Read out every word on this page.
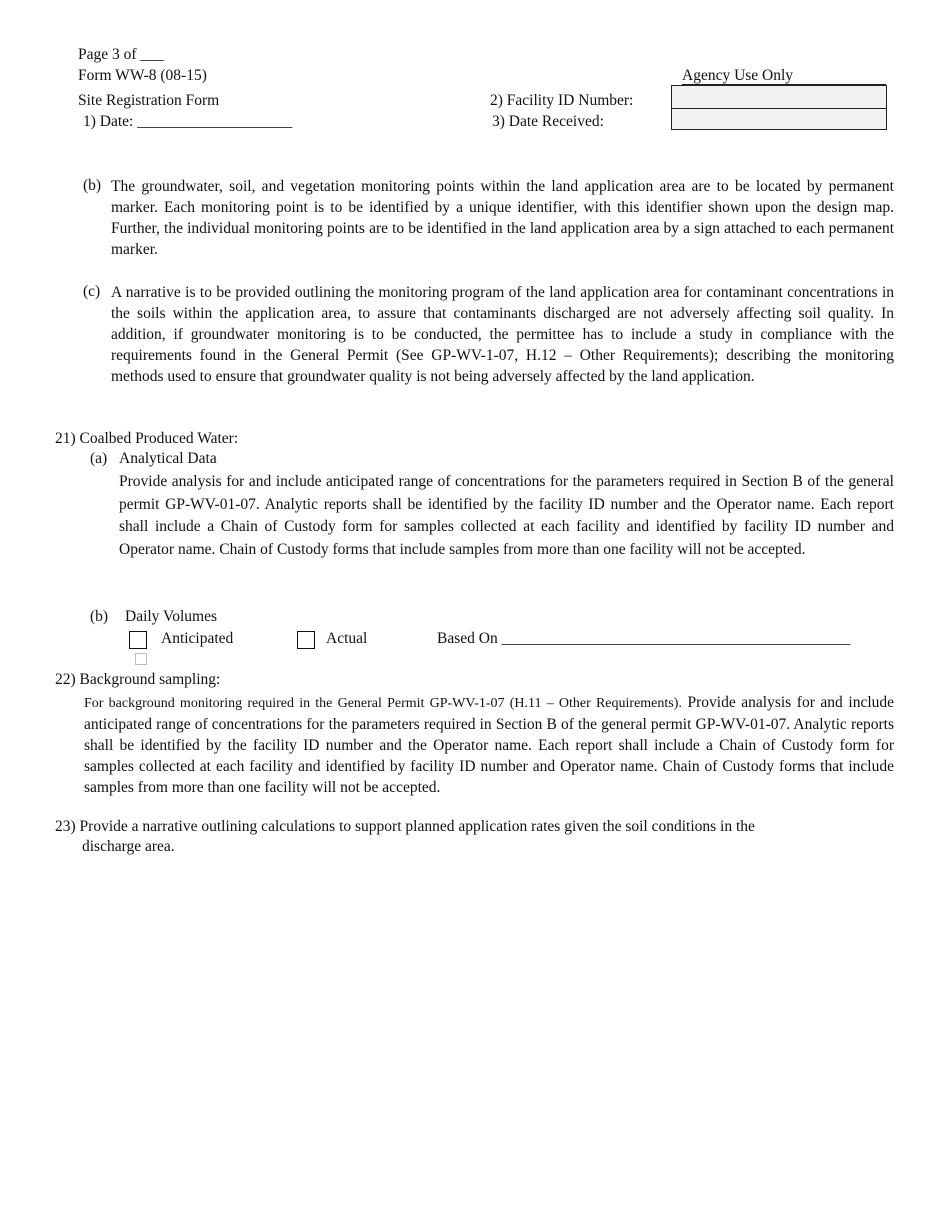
Page 3 of ___
Form WW-8 (08-15)
Site Registration Form
1) Date: ____________________
2) Facility ID Number:
3) Date Received:
Agency Use Only
(b) The groundwater, soil, and vegetation monitoring points within the land application area are to be located by permanent marker. Each monitoring point is to be identified by a unique identifier, with this identifier shown upon the design map. Further, the individual monitoring points are to be identified in the land application area by a sign attached to each permanent marker.
(c) A narrative is to be provided outlining the monitoring program of the land application area for contaminant concentrations in the soils within the application area, to assure that contaminants discharged are not adversely affecting soil quality. In addition, if groundwater monitoring is to be conducted, the permittee has to include a study in compliance with the requirements found in the General Permit (See GP-WV-1-07, H.12 – Other Requirements); describing the monitoring methods used to ensure that groundwater quality is not being adversely affected by the land application.
21) Coalbed Produced Water:
(a) Analytical Data
Provide analysis for and include anticipated range of concentrations for the parameters required in Section B of the general permit GP-WV-01-07. Analytic reports shall be identified by the facility ID number and the Operator name. Each report shall include a Chain of Custody form for samples collected at each facility and identified by facility ID number and Operator name. Chain of Custody forms that include samples from more than one facility will not be accepted.
(b) Daily Volumes
Anticipated	Actual	Based On _____________________________________________
22) Background sampling:
For background monitoring required in the General Permit GP-WV-1-07 (H.11 – Other Requirements). Provide analysis for and include anticipated range of concentrations for the parameters required in Section B of the general permit GP-WV-01-07. Analytic reports shall be identified by the facility ID number and the Operator name. Each report shall include a Chain of Custody form for samples collected at each facility and identified by facility ID number and Operator name. Chain of Custody forms that include samples from more than one facility will not be accepted.
23) Provide a narrative outlining calculations to support planned application rates given the soil conditions in the
discharge area.
